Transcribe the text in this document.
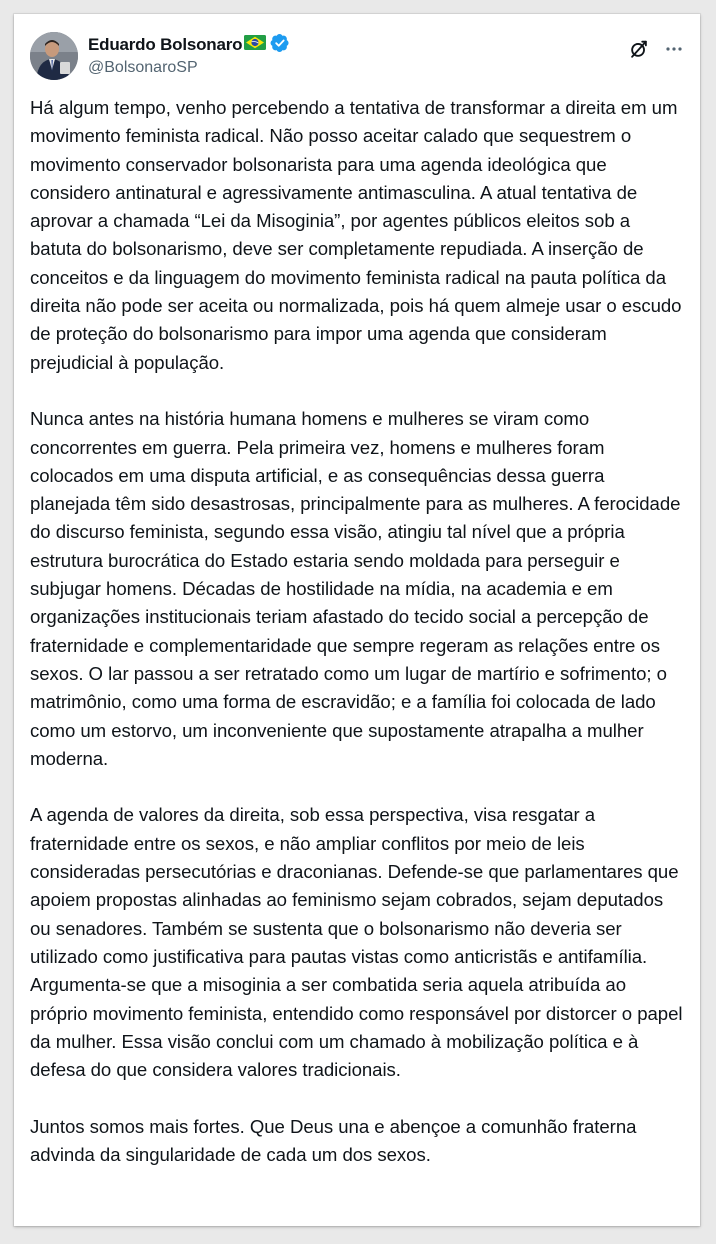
Eduardo Bolsonaro
@BolsonaroSP

Há algum tempo, venho percebendo a tentativa de transformar a direita em um movimento feminista radical. Não posso aceitar calado que sequestrem o movimento conservador bolsonarista para uma agenda ideológica que considero antinatural e agressivamente antimasculina. A atual tentativa de aprovar a chamada “Lei da Misoginia”, por agentes públicos eleitos sob a batuta do bolsonarismo, deve ser completamente repudiada. A inserção de conceitos e da linguagem do movimento feminista radical na pauta política da direita não pode ser aceita ou normalizada, pois há quem almeje usar o escudo de proteção do bolsonarismo para impor uma agenda que consideram prejudicial à população.

Nunca antes na história humana homens e mulheres se viram como concorrentes em guerra. Pela primeira vez, homens e mulheres foram colocados em uma disputa artificial, e as consequências dessa guerra planejada têm sido desastrosas, principalmente para as mulheres. A ferocidade do discurso feminista, segundo essa visão, atingiu tal nível que a própria estrutura burocrática do Estado estaria sendo moldada para perseguir e subjugar homens. Décadas de hostilidade na mídia, na academia e em organizações institucionais teriam afastado do tecido social a percepção de fraternidade e complementaridade que sempre regeram as relações entre os sexos. O lar passou a ser retratado como um lugar de martírio e sofrimento; o matrimônio, como uma forma de escravidão; e a família foi colocada de lado como um estorvo, um inconveniente que supostamente atrapalha a mulher moderna.

A agenda de valores da direita, sob essa perspectiva, visa resgatar a fraternidade entre os sexos, e não ampliar conflitos por meio de leis consideradas persecutórias e draconianas. Defende-se que parlamentares que apoiem propostas alinhadas ao feminismo sejam cobrados, sejam deputados ou senadores. Também se sustenta que o bolsonarismo não deveria ser utilizado como justificativa para pautas vistas como anticristãs e antifamília. Argumenta-se que a misoginia a ser combatida seria aquela atribuída ao próprio movimento feminista, entendido como responsável por distorcer o papel da mulher. Essa visão conclui com um chamado à mobilização política e à defesa do que considera valores tradicionais.

Juntos somos mais fortes. Que Deus una e abençoe a comunhão fraterna advinda da singularidade de cada um dos sexos.
